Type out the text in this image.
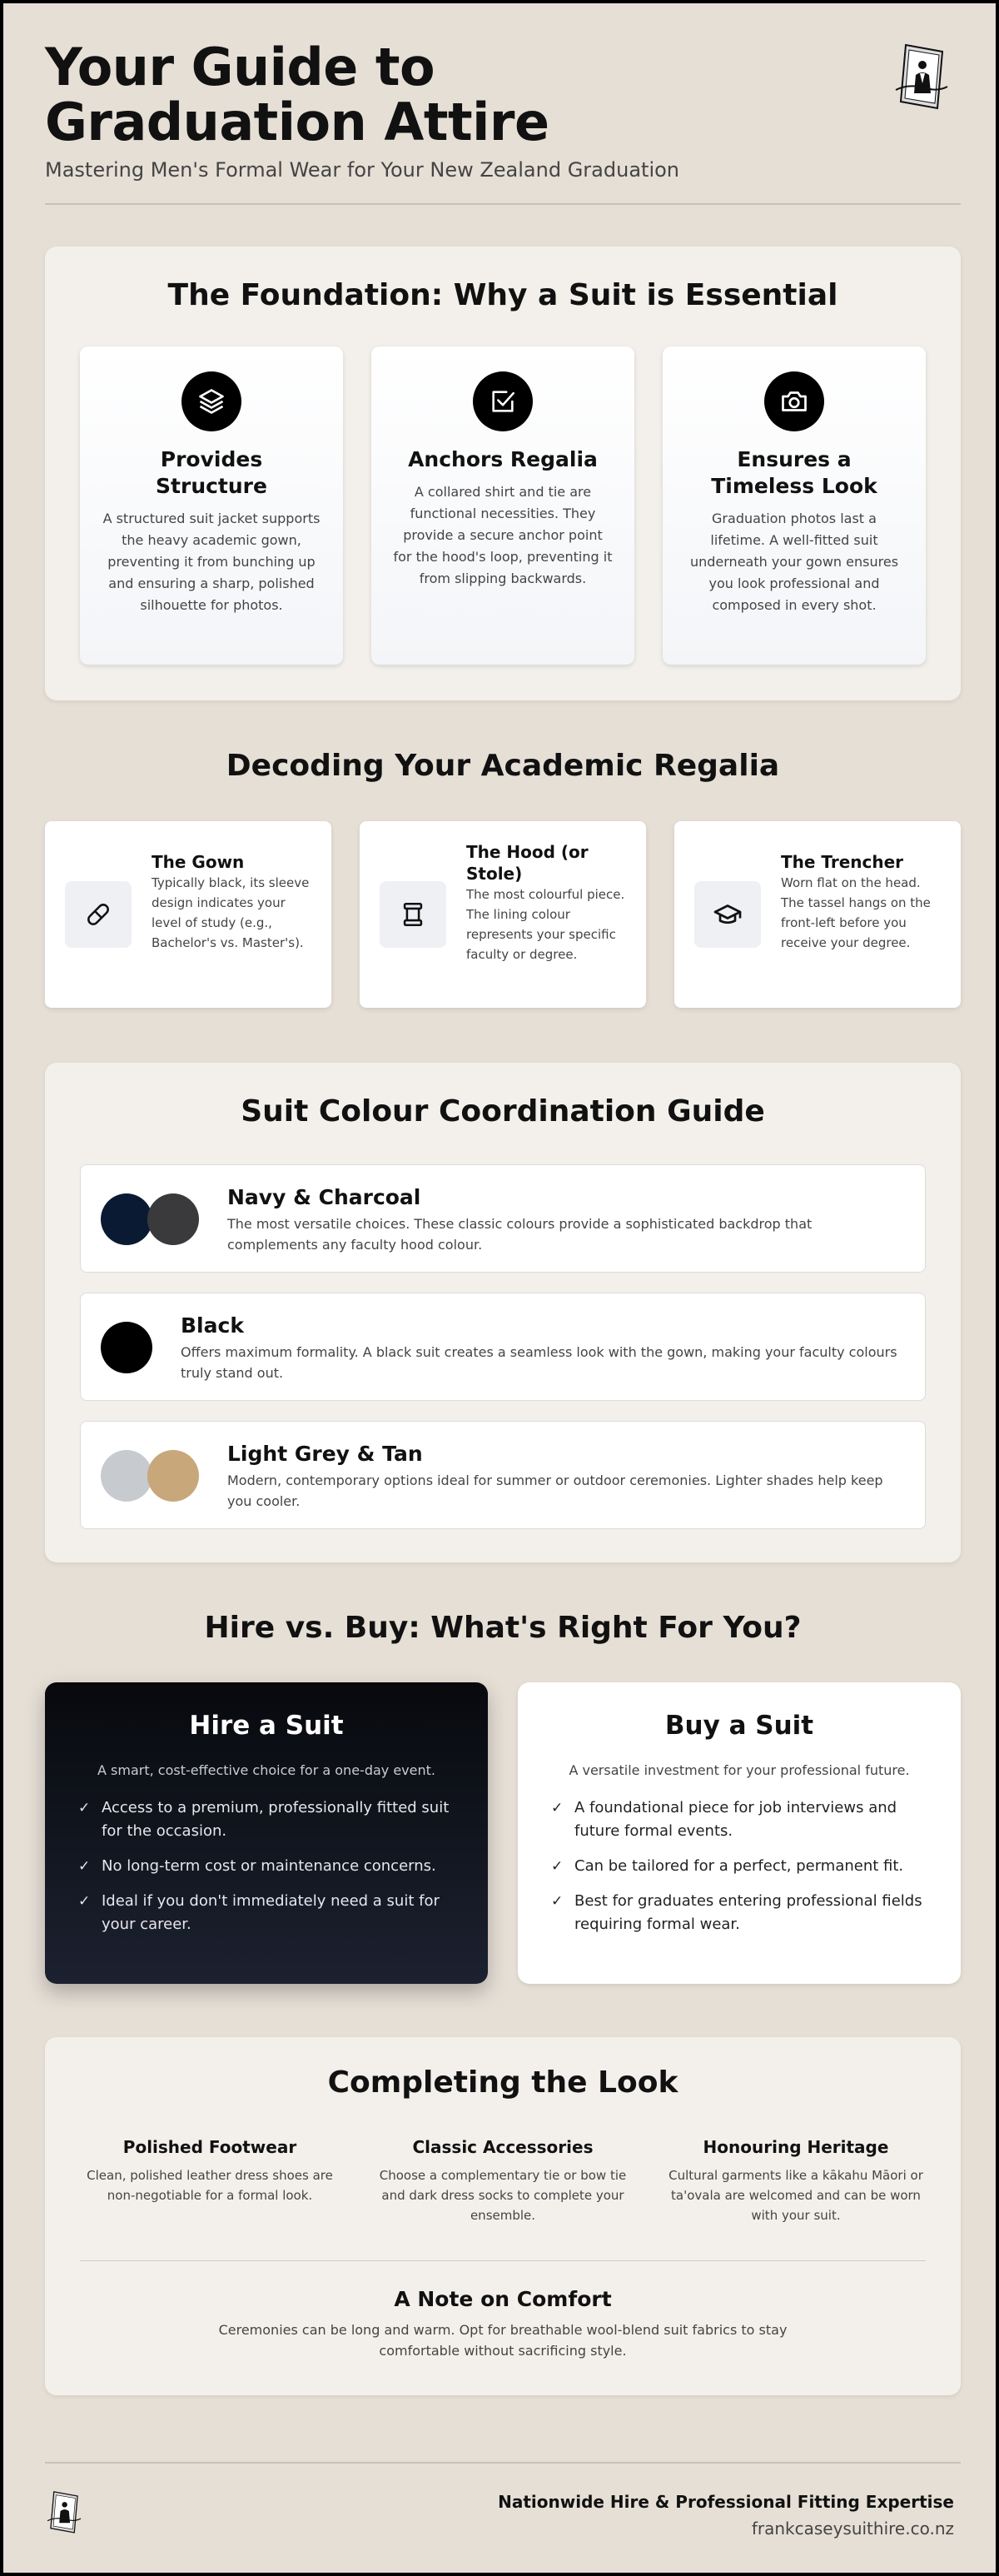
Your Guide to Graduation Attire
Mastering Men's Formal Wear for Your New Zealand Graduation
The Foundation: Why a Suit is Essential
Provides Structure

A structured suit jacket supports the heavy academic gown, preventing it from bunching up and ensuring a sharp, polished silhouette for photos.

Anchors Regalia

A collared shirt and tie are functional necessities. They provide a secure anchor point for the hood's loop, preventing it from slipping backwards.

Ensures a Timeless Look

Graduation photos last a lifetime. A well-fitted suit underneath your gown ensures you look professional and composed in every shot.

Decoding Your Academic Regalia
The Gown

Typically black, its sleeve design indicates your level of study (e.g., Bachelor's vs. Master's).

The Hood (or Stole)

The most colourful piece. The lining colour represents your specific faculty or degree.

The Trencher

Worn flat on the head. The tassel hangs on the front-left before you receive your degree.

Suit Colour Coordination Guide
Navy & Charcoal

The most versatile choices. These classic colours provide a sophisticated backdrop that complements any faculty hood colour.

Black

Offers maximum formality. A black suit creates a seamless look with the gown, making your faculty colours truly stand out.

Light Grey & Tan

Modern, contemporary options ideal for summer or outdoor ceremonies. Lighter shades help keep you cooler.

Hire vs. Buy: What's Right For You?
Hire a Suit
A smart, cost-effective choice for a one-day event.
✓ Access to a premium, professionally fitted suit for the occasion.
✓ No long-term cost or maintenance concerns.
✓ Ideal if you don't immediately need a suit for your career.
Buy a Suit
A versatile investment for your professional future.
✓ A foundational piece for job interviews and future formal events.
✓ Can be tailored for a perfect, permanent fit.
✓ Best for graduates entering professional fields requiring formal wear.
Completing the Look
Polished Footwear

Clean, polished leather dress shoes are non-negotiable for a formal look.

Classic Accessories

Choose a complementary tie or bow tie and dark dress socks to complete your ensemble.

Honouring Heritage

Cultural garments like a kākahu Māori or ta'ovala are welcomed and can be worn with your suit.

A Note on Comfort

Ceremonies can be long and warm. Opt for breathable wool-blend suit fabrics to stay comfortable without sacrificing style.

Nationwide Hire & Professional Fitting Expertise
frankcaseysuithire.co.nz
